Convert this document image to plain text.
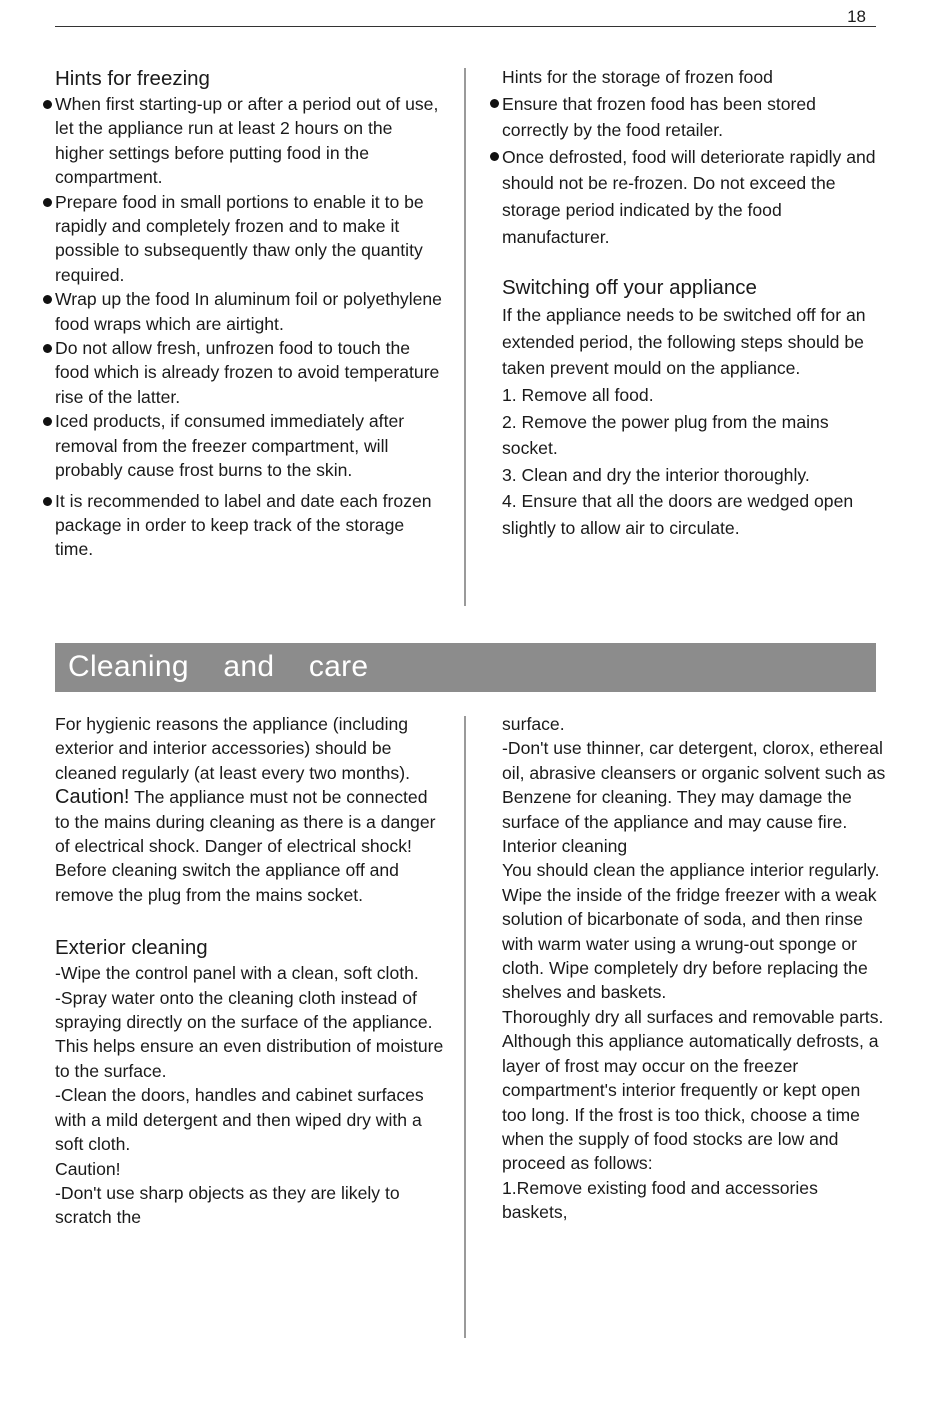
18

Hints for freezing

When first starting-up or after a period out of use, let the appliance run at least 2 hours on the higher settings before putting food in the compartment.
Prepare food in small portions to enable it to be rapidly and completely frozen and to make it possible to subsequently thaw only the quantity required.
Wrap up the food In aluminum foil or polyethylene food wraps which are airtight.
Do not allow fresh, unfrozen food to touch the food which is already frozen to avoid temperature rise of the latter.
Iced products, if consumed immediately after removal from the freezer compartment, will probably cause frost burns to the skin.
It is recommended to label and date each frozen package in order to keep track of the storage time.

Hints for the storage of frozen food

Ensure that frozen food has been stored correctly by the food retailer.
Once defrosted, food will deteriorate rapidly and should not be re-frozen. Do not exceed the storage period indicated by the food manufacturer.

Switching off your appliance

If the appliance needs to be switched off for an extended period, the following steps should be taken prevent mould on the appliance.

1. Remove all food.

2. Remove the power plug from the mains socket.

3. Clean and dry the interior thoroughly.

4. Ensure that all the doors are wedged open slightly to allow air to circulate.

Cleaning    and    care

For hygienic reasons the appliance (including exterior and interior accessories) should be cleaned regularly (at least every two months).

Caution! The appliance must not be connected to the mains during cleaning as there is a danger of electrical shock. Danger of electrical shock! Before cleaning switch the appliance off and remove the plug from the mains socket.

Exterior cleaning

-Wipe the control panel with a clean, soft cloth.

-Spray water onto the cleaning cloth instead of spraying directly on the surface of the appliance. This helps ensure an even distribution of moisture to the surface.

-Clean the doors, handles and cabinet surfaces with a mild detergent and then wiped dry with a soft cloth.

Caution!

-Don't use sharp objects as they are likely to scratch the

surface.

-Don't use thinner, car detergent, clorox, ethereal oil, abrasive cleansers or organic solvent such as Benzene for cleaning. They may damage the surface of the appliance and may cause fire.

Interior cleaning

You should clean the appliance interior regularly. Wipe the inside of the fridge freezer with a weak solution of bicarbonate of soda, and then rinse with warm water using a wrung-out sponge or cloth. Wipe completely dry before replacing the shelves and baskets.

Thoroughly dry all surfaces and removable parts.

Although this appliance automatically defrosts, a layer of frost may occur on the freezer compartment's interior frequently or kept open too long. If the frost is too thick, choose a time when the supply of food stocks are low and proceed as follows:

1.Remove existing food and accessories baskets,
